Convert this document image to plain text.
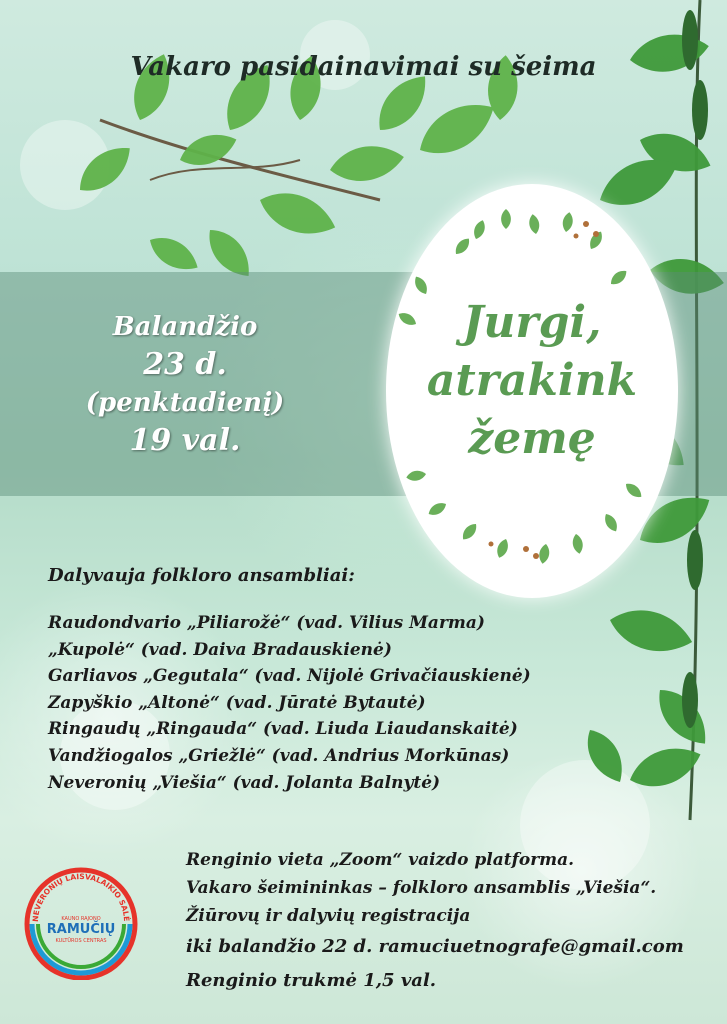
Vakaro pasidainavimai su šeima
Balandžio
23 d.
(penktadienį)
19 val.
Jurgi,
atrakink
žemę
Dalyvauja folkloro ansambliai:
Raudondvario „Piliarožė“ (vad. Vilius Marma)
„Kupolė“ (vad. Daiva Bradauskienė)
Garliavos „Gegutala“ (vad. Nijolė Grivačiauskienė)
Zapyškio „Altonė“ (vad. Jūratė Bytautė)
Ringaudų „Ringauda“ (vad. Liuda Liaudanskaitė)
Vandžiogalos „Griežlė“ (vad. Andrius Morkūnas)
Neveronių „Viešia“ (vad. Jolanta Balnytė)
Renginio vieta „Zoom“ vaizdo platforma.
Vakaro šeimininkas – folkloro ansamblis „Viešia“.
Žiūrovų ir dalyvių registracija
iki balandžio 22 d. ramuciuetnografe@gmail.com
Renginio trukmė 1,5 val.
NEVERONIŲ LAISVALAIKIO SALĖ
KAUNO RAJONO
RAMUČIŲ
KULTŪROS CENTRAS
